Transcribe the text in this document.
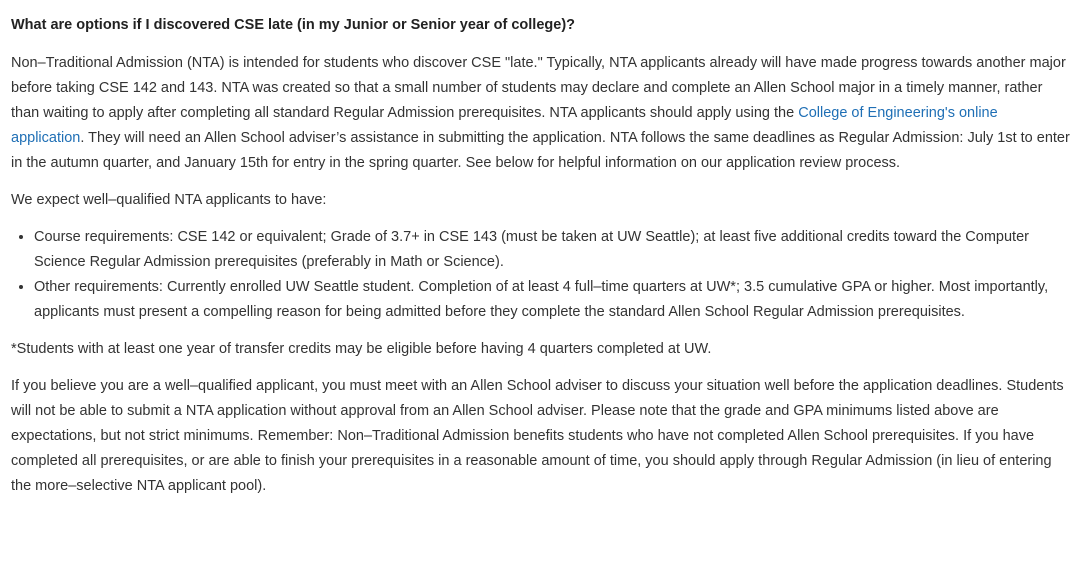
What are options if I discovered CSE late (in my Junior or Senior year of college)?

Non–Traditional Admission (NTA) is intended for students who discover CSE "late." Typically, NTA applicants already will have made progress towards another major before taking CSE 142 and 143. NTA was created so that a small number of students may declare and complete an Allen School major in a timely manner, rather than waiting to apply after completing all standard Regular Admission prerequisites. NTA applicants should apply using the College of Engineering's online application. They will need an Allen School adviser’s assistance in submitting the application. NTA follows the same deadlines as Regular Admission: July 1st to enter in the autumn quarter, and January 15th for entry in the spring quarter. See below for helpful information on our application review process.

We expect well–qualified NTA applicants to have:

• Course requirements: CSE 142 or equivalent; Grade of 3.7+ in CSE 143 (must be taken at UW Seattle); at least five additional credits toward the Computer Science Regular Admission prerequisites (preferably in Math or Science).
• Other requirements: Currently enrolled UW Seattle student. Completion of at least 4 full–time quarters at UW*; 3.5 cumulative GPA or higher. Most importantly, applicants must present a compelling reason for being admitted before they complete the standard Allen School Regular Admission prerequisites.

*Students with at least one year of transfer credits may be eligible before having 4 quarters completed at UW.

If you believe you are a well–qualified applicant, you must meet with an Allen School adviser to discuss your situation well before the application deadlines. Students will not be able to submit a NTA application without approval from an Allen School adviser. Please note that the grade and GPA minimums listed above are expectations, but not strict minimums. Remember: Non–Traditional Admission benefits students who have not completed Allen School prerequisites. If you have completed all prerequisites, or are able to finish your prerequisites in a reasonable amount of time, you should apply through Regular Admission (in lieu of entering the more–selective NTA applicant pool).
